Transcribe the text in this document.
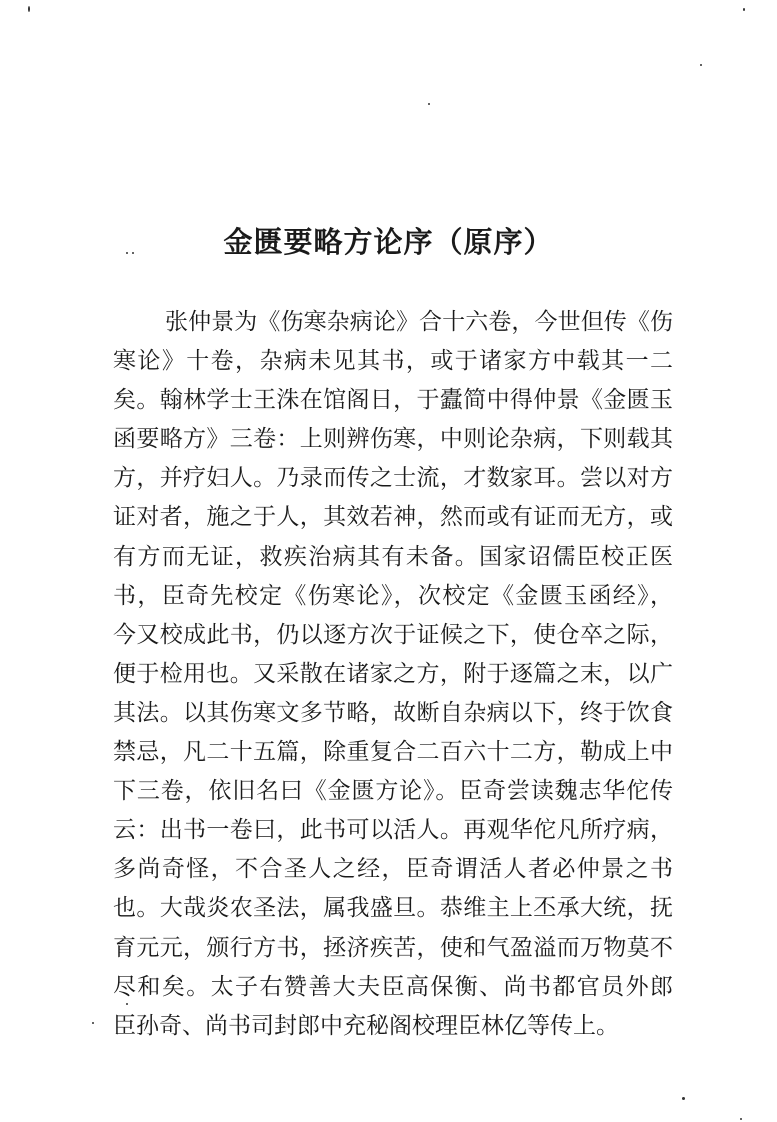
金匮要略方论序（原序）
张仲景为《伤寒杂病论》合十六卷，今世但传《伤
寒论》十卷，杂病未见其书，或于诸家方中载其一二
矣。翰林学士王洙在馆阁日，于蠹简中得仲景《金匮玉
函要略方》三卷：上则辨伤寒，中则论杂病，下则载其
方，并疗妇人。乃录而传之士流，才数家耳。尝以对方
证对者，施之于人，其效若神，然而或有证而无方，或
有方而无证，救疾治病其有未备。国家诏儒臣校正医
书，臣奇先校定《伤寒论》，次校定《金匮玉函经》，
今又校成此书，仍以逐方次于证候之下，使仓卒之际，
便于检用也。又采散在诸家之方，附于逐篇之末，以广
其法。以其伤寒文多节略，故断自杂病以下，终于饮食
禁忌，凡二十五篇，除重复合二百六十二方，勒成上中
下三卷，依旧名曰《金匮方论》。臣奇尝读魏志华佗传
云：出书一卷曰，此书可以活人。再观华佗凡所疗病，
多尚奇怪，不合圣人之经，臣奇谓活人者必仲景之书
也。大哉炎农圣法，属我盛旦。恭维主上丕承大统，抚
育元元，颁行方书，拯济疾苦，使和气盈溢而万物莫不
尽和矣。太子右赞善大夫臣高保衡、尚书都官员外郎
臣孙奇、尚书司封郎中充秘阁校理臣林亿等传上。
